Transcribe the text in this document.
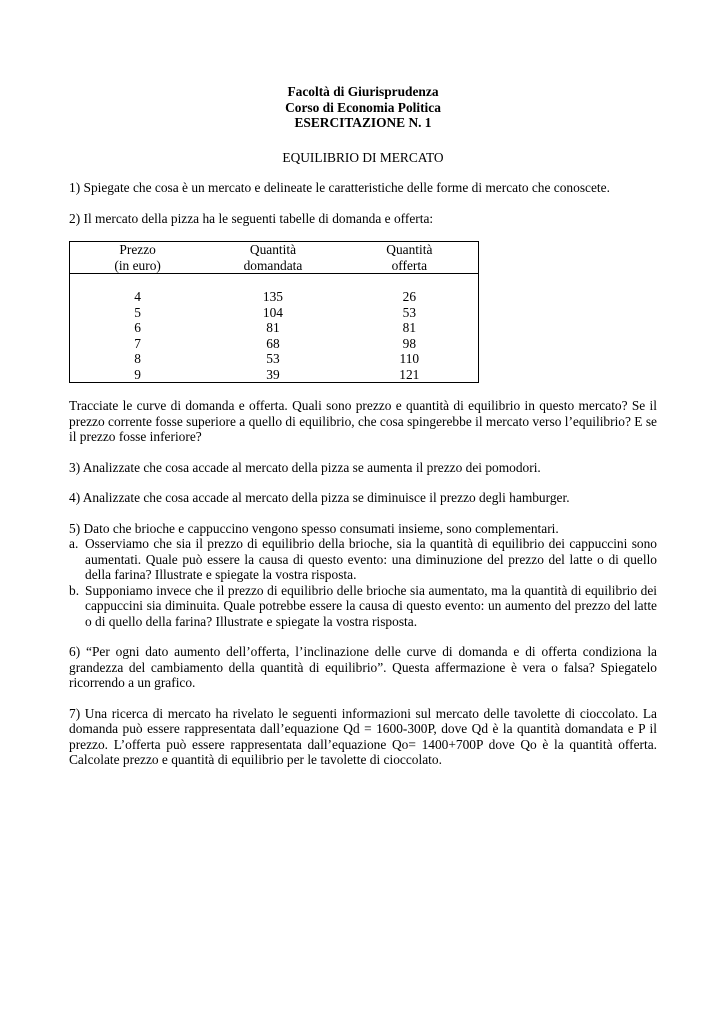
Facoltà di Giurisprudenza
Corso di Economia Politica
ESERCITAZIONE N. 1
EQUILIBRIO DI MERCATO

1) Spiegate che cosa è un mercato e delineate le caratteristiche delle forme di mercato che conoscete.

2) Il mercato della pizza ha le seguenti tabelle di domanda e offerta:

Prezzo	Quantità	Quantità
(in euro)	domandata	offerta
4	135	26
5	104	53
6	81	81
7	68	98
8	53	110
9	39	121

Tracciate le curve di domanda e offerta. Quali sono prezzo e quantità di equilibrio in questo mercato? Se il prezzo corrente fosse superiore a quello di equilibrio, che cosa spingerebbe il mercato verso l’equilibrio? E se il prezzo fosse inferiore?

3) Analizzate che cosa accade al mercato della pizza se aumenta il prezzo dei pomodori.

4) Analizzate che cosa accade al mercato della pizza se diminuisce il prezzo degli hamburger.

5) Dato che brioche e cappuccino vengono spesso consumati insieme, sono complementari.

a. Osserviamo che sia il prezzo di equilibrio della brioche, sia la quantità di equilibrio dei cappuccini sono aumentati. Quale può essere la causa di questo evento: una diminuzione del prezzo del latte o di quello della farina? Illustrate e spiegate la vostra risposta.
b. Supponiamo invece che il prezzo di equilibrio delle brioche sia aumentato, ma la quantità di equilibrio dei cappuccini sia diminuita. Quale potrebbe essere la causa di questo evento: un aumento del prezzo del latte o di quello della farina? Illustrate e spiegate la vostra risposta.

6) “Per ogni dato aumento dell’offerta, l’inclinazione delle curve di domanda e di offerta condiziona la grandezza del cambiamento della quantità di equilibrio”. Questa affermazione è vera o falsa? Spiegatelo ricorrendo a un grafico.

7) Una ricerca di mercato ha rivelato le seguenti informazioni sul mercato delle tavolette di cioccolato. La domanda può essere rappresentata dall’equazione Qd = 1600-300P, dove Qd è la quantità domandata e P il prezzo. L’offerta può essere rappresentata dall’equazione Qo= 1400+700P dove Qo è la quantità offerta. Calcolate prezzo e quantità di equilibrio per le tavolette di cioccolato.
